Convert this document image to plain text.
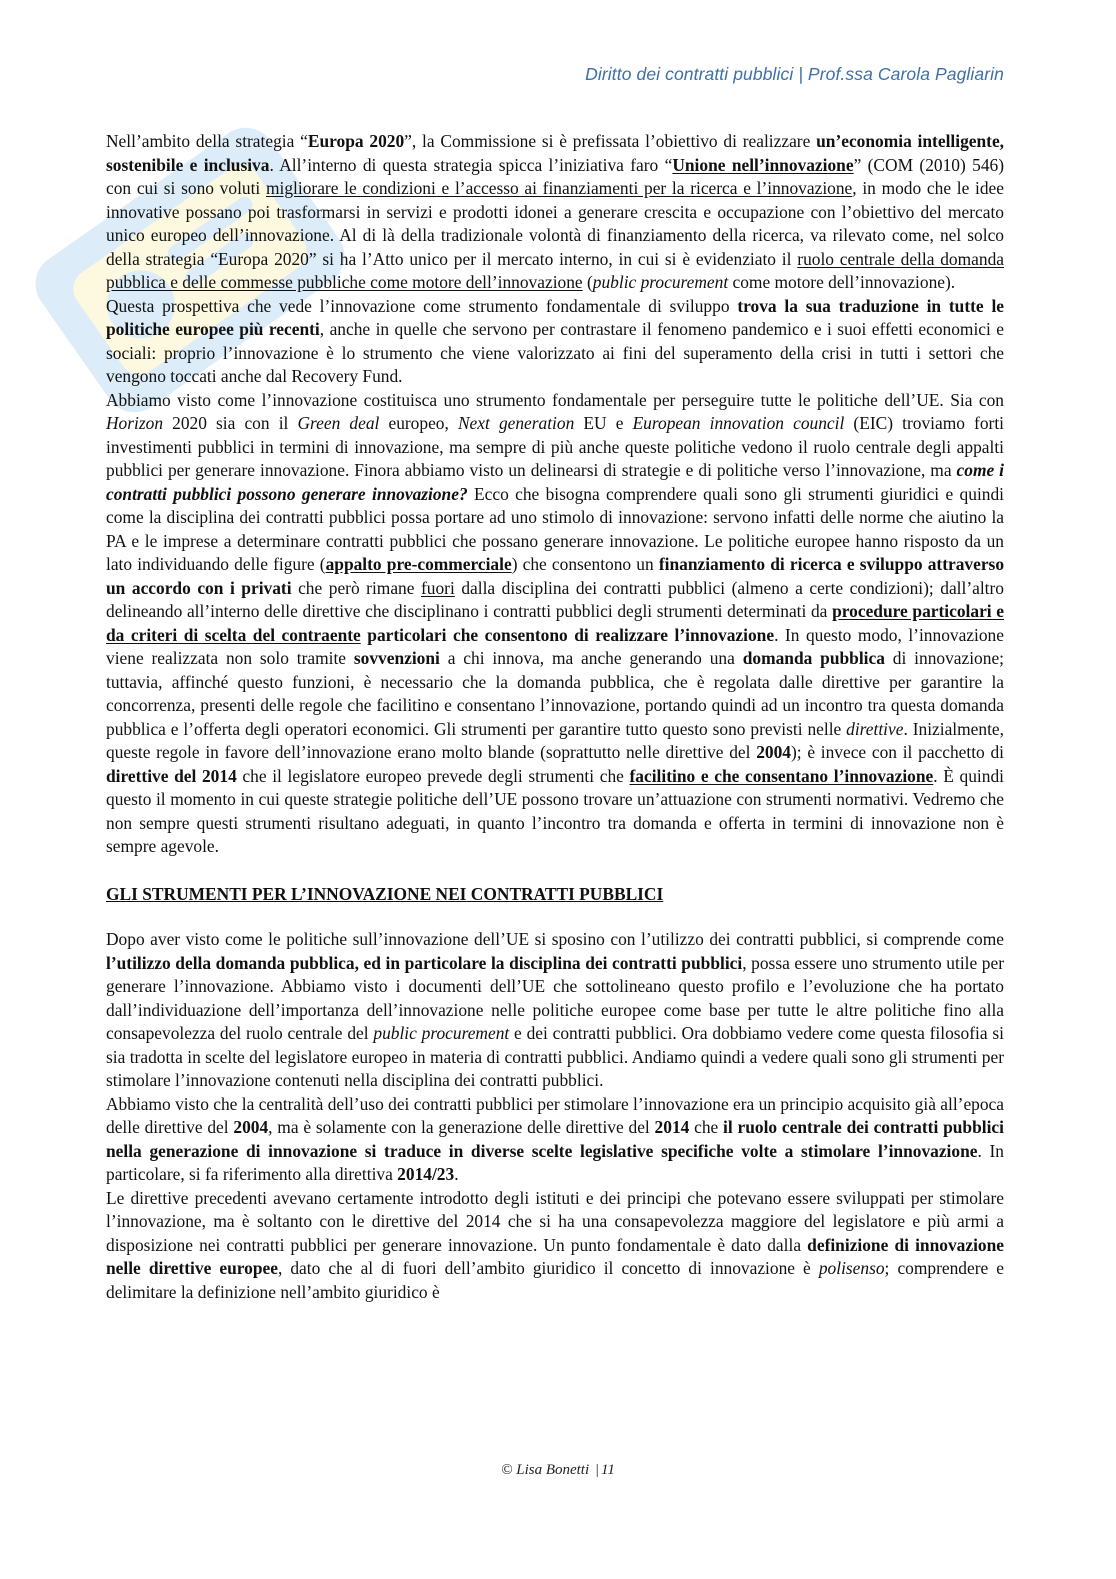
Diritto dei contratti pubblici | Prof.ssa Carola Pagliarin

Nell’ambito della strategia “Europa 2020”, la Commissione si è prefissata l’obiettivo di realizzare un’economia intelligente, sostenibile e inclusiva. All’interno di questa strategia spicca l’iniziativa faro “Unione nell’innovazione” (COM (2010) 546) con cui si sono voluti migliorare le condizioni e l’accesso ai finanziamenti per la ricerca e l’innovazione, in modo che le idee innovative possano poi trasformarsi in servizi e prodotti idonei a generare crescita e occupazione con l’obiettivo del mercato unico europeo dell’innovazione. Al di là della tradizionale volontà di finanziamento della ricerca, va rilevato come, nel solco della strategia “Europa 2020” si ha l’Atto unico per il mercato interno, in cui si è evidenziato il ruolo centrale della domanda pubblica e delle commesse pubbliche come motore dell’innovazione (public procurement come motore dell’innovazione).

Questa prospettiva che vede l’innovazione come strumento fondamentale di sviluppo trova la sua traduzione in tutte le politiche europee più recenti, anche in quelle che servono per contrastare il fenomeno pandemico e i suoi effetti economici e sociali: proprio l’innovazione è lo strumento che viene valorizzato ai fini del superamento della crisi in tutti i settori che vengono toccati anche dal Recovery Fund.

Abbiamo visto come l’innovazione costituisca uno strumento fondamentale per perseguire tutte le politiche dell’UE. Sia con Horizon 2020 sia con il Green deal europeo, Next generation EU e European innovation council (EIC) troviamo forti investimenti pubblici in termini di innovazione, ma sempre di più anche queste politiche vedono il ruolo centrale degli appalti pubblici per generare innovazione. Finora abbiamo visto un delinearsi di strategie e di politiche verso l’innovazione, ma come i contratti pubblici possono generare innovazione? Ecco che bisogna comprendere quali sono gli strumenti giuridici e quindi come la disciplina dei contratti pubblici possa portare ad uno stimolo di innovazione: servono infatti delle norme che aiutino la PA e le imprese a determinare contratti pubblici che possano generare innovazione. Le politiche europee hanno risposto da un lato individuando delle figure (appalto pre-commerciale) che consentono un finanziamento di ricerca e sviluppo attraverso un accordo con i privati che però rimane fuori dalla disciplina dei contratti pubblici (almeno a certe condizioni); dall’altro delineando all’interno delle direttive che disciplinano i contratti pubblici degli strumenti determinati da procedure particolari e da criteri di scelta del contraente particolari che consentono di realizzare l’innovazione. In questo modo, l’innovazione viene realizzata non solo tramite sovvenzioni a chi innova, ma anche generando una domanda pubblica di innovazione; tuttavia, affinché questo funzioni, è necessario che la domanda pubblica, che è regolata dalle direttive per garantire la concorrenza, presenti delle regole che facilitino e consentano l’innovazione, portando quindi ad un incontro tra questa domanda pubblica e l’offerta degli operatori economici. Gli strumenti per garantire tutto questo sono previsti nelle direttive. Inizialmente, queste regole in favore dell’innovazione erano molto blande (soprattutto nelle direttive del 2004); è invece con il pacchetto di direttive del 2014 che il legislatore europeo prevede degli strumenti che facilitino e che consentano l’innovazione. È quindi questo il momento in cui queste strategie politiche dell’UE possono trovare un’attuazione con strumenti normativi. Vedremo che non sempre questi strumenti risultano adeguati, in quanto l’incontro tra domanda e offerta in termini di innovazione non è sempre agevole.

GLI STRUMENTI PER L’INNOVAZIONE NEI CONTRATTI PUBBLICI

Dopo aver visto come le politiche sull’innovazione dell’UE si sposino con l’utilizzo dei contratti pubblici, si comprende come l’utilizzo della domanda pubblica, ed in particolare la disciplina dei contratti pubblici, possa essere uno strumento utile per generare l’innovazione. Abbiamo visto i documenti dell’UE che sottolineano questo profilo e l’evoluzione che ha portato dall’individuazione dell’importanza dell’innovazione nelle politiche europee come base per tutte le altre politiche fino alla consapevolezza del ruolo centrale del public procurement e dei contratti pubblici. Ora dobbiamo vedere come questa filosofia si sia tradotta in scelte del legislatore europeo in materia di contratti pubblici. Andiamo quindi a vedere quali sono gli strumenti per stimolare l’innovazione contenuti nella disciplina dei contratti pubblici.

Abbiamo visto che la centralità dell’uso dei contratti pubblici per stimolare l’innovazione era un principio acquisito già all’epoca delle direttive del 2004, ma è solamente con la generazione delle direttive del 2014 che il ruolo centrale dei contratti pubblici nella generazione di innovazione si traduce in diverse scelte legislative specifiche volte a stimolare l’innovazione. In particolare, si fa riferimento alla direttiva 2014/23.

Le direttive precedenti avevano certamente introdotto degli istituti e dei principi che potevano essere sviluppati per stimolare l’innovazione, ma è soltanto con le direttive del 2014 che si ha una consapevolezza maggiore del legislatore e più armi a disposizione nei contratti pubblici per generare innovazione. Un punto fondamentale è dato dalla definizione di innovazione nelle direttive europee, dato che al di fuori dell’ambito giuridico il concetto di innovazione è polisenso; comprendere e delimitare la definizione nell’ambito giuridico è

© Lisa Bonetti | 11
